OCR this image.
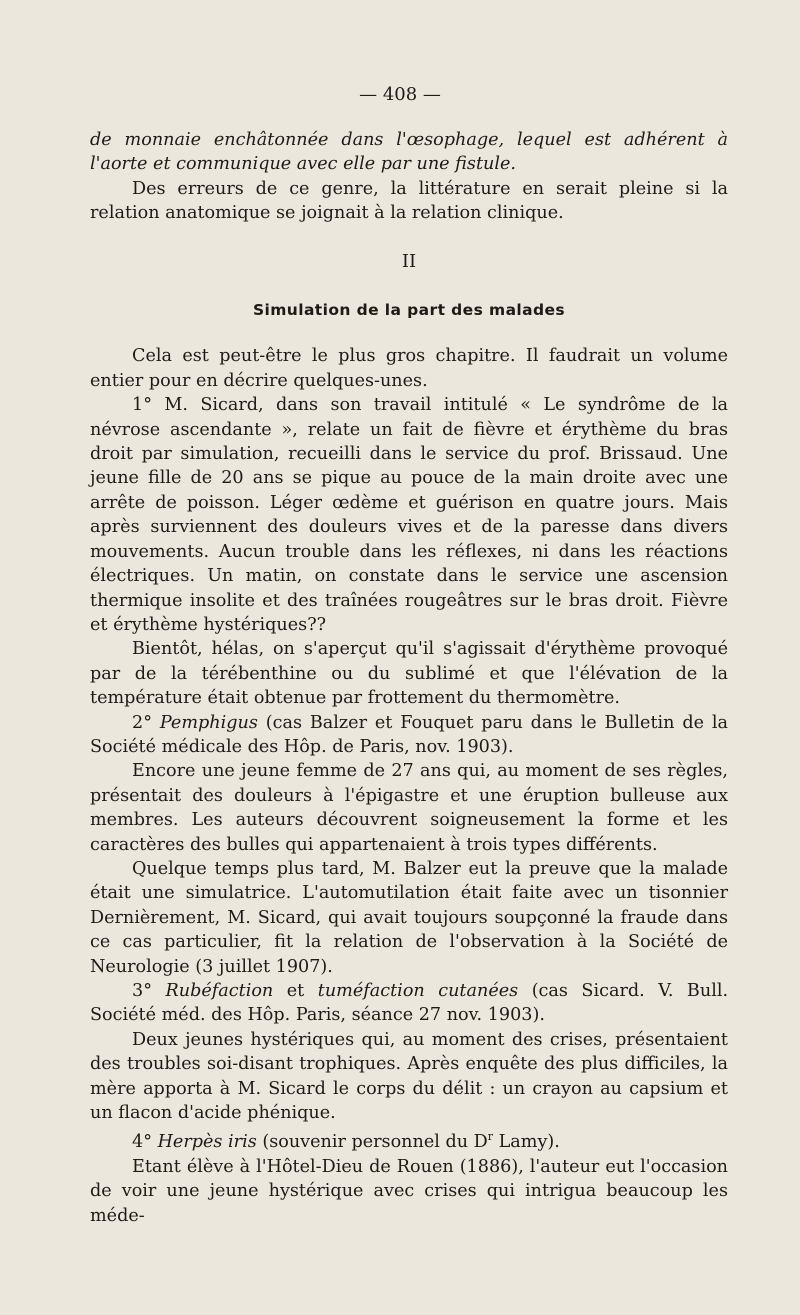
— 408 —

de monnaie enchâtonnée dans l'œsophage, lequel est adhérent à l'aorte et communique avec elle par une fistule.

Des erreurs de ce genre, la littérature en serait pleine si la relation anatomique se joignait à la relation clinique.

II

Simulation de la part des malades

Cela est peut-être le plus gros chapitre. Il faudrait un volume entier pour en décrire quelques-unes.

1° M. Sicard, dans son travail intitulé « Le syndrôme de la névrose ascendante », relate un fait de fièvre et érythème du bras droit par simulation, recueilli dans le service du prof. Brissaud. Une jeune fille de 20 ans se pique au pouce de la main droite avec une arrête de poisson. Léger œdème et guérison en quatre jours. Mais après surviennent des douleurs vives et de la paresse dans divers mouvements. Aucun trouble dans les réflexes, ni dans les réactions électriques. Un matin, on constate dans le service une ascension thermique insolite et des traînées rougeâtres sur le bras droit. Fièvre et érythème hystériques??

Bientôt, hélas, on s'aperçut qu'il s'agissait d'érythème provoqué par de la térébenthine ou du sublimé et que l'élévation de la température était obtenue par frottement du thermomètre.

2° Pemphigus (cas Balzer et Fouquet paru dans le Bulletin de la Société médicale des Hôp. de Paris, nov. 1903).

Encore une jeune femme de 27 ans qui, au moment de ses règles, présentait des douleurs à l'épigastre et une éruption bulleuse aux membres. Les auteurs découvrent soigneusement la forme et les caractères des bulles qui appartenaient à trois types différents.

Quelque temps plus tard, M. Balzer eut la preuve que la malade était une simulatrice. L'automutilation était faite avec un tisonnier Dernièrement, M. Sicard, qui avait toujours soupçonné la fraude dans ce cas particulier, fit la relation de l'observation à la Société de Neurologie (3 juillet 1907).

3° Rubéfaction et tuméfaction cutanées (cas Sicard. V. Bull. Société méd. des Hôp. Paris, séance 27 nov. 1903).

Deux jeunes hystériques qui, au moment des crises, présentaient des troubles soi-disant trophiques. Après enquête des plus difficiles, la mère apporta à M. Sicard le corps du délit : un crayon au capsium et un flacon d'acide phénique.

4° Herpès iris (souvenir personnel du $D^r$ Lamy).

Etant élève à l'Hôtel-Dieu de Rouen (1886), l'auteur eut l'occasion de voir une jeune hystérique avec crises qui intrigua beaucoup les méde-
